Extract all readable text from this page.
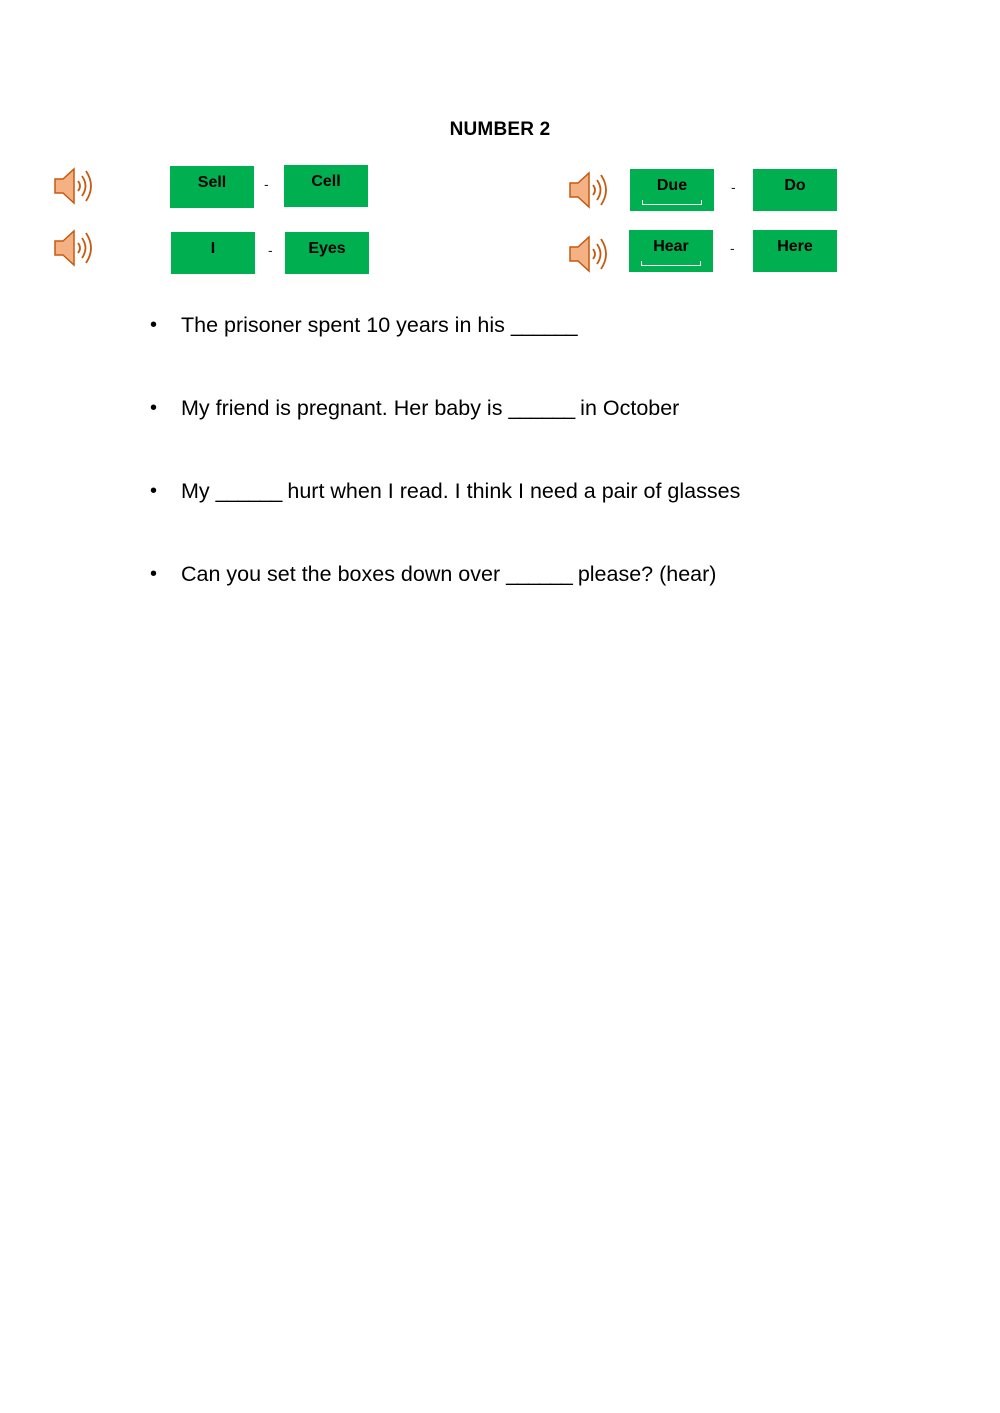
NUMBER 2
Sell	-	Cell
I	-	Eyes
Due	-	Do
Hear	-	Here
• The prisoner spent 10 years in his ______
• My friend is pregnant. Her baby is ______ in October
• My ______ hurt when I read. I think I need a pair of glasses
• Can you set the boxes down over ______ please? (hear)
